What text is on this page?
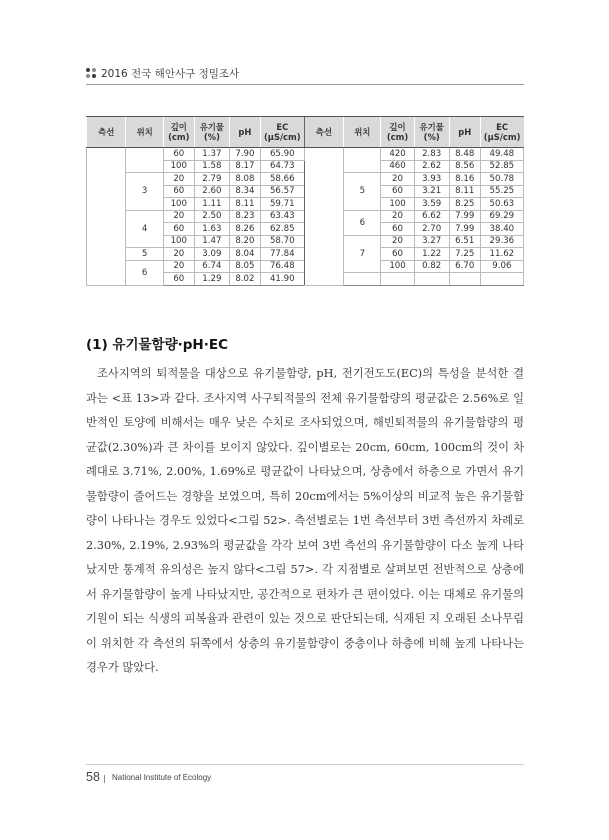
2016 전국 해안사구 정밀조사
측선	위치	깊이 (cm)	유기물 (%)	pH	EC (μS/cm)	측선	위치	깊이 (cm)	유기물 (%)	pH	EC (μS/cm)
		60	1.37	7.90	65.90			420	2.83	8.48	49.48
		100	1.58	8.17	64.73			460	2.62	8.56	52.85
	3	20	2.79	8.08	58.66		5	20	3.93	8.16	50.78
		60	2.60	8.34	56.57			60	3.21	8.11	55.25
		100	1.11	8.11	59.71			100	3.59	8.25	50.63
	4	20	2.50	8.23	63.43		6	20	6.62	7.99	69.29
		60	1.63	8.26	62.85			60	2.70	7.99	38.40
		100	1.47	8.20	58.70		7	20	3.27	6.51	29.36
	5	20	3.09	8.04	77.84			60	1.22	7.25	11.62
	6	20	6.74	8.05	76.48			100	0.82	6.70	9.06
		60	1.29	8.02	41.90						
(1) 유기물함량·pH·EC

조사지역의 퇴적물을 대상으로 유기물함량, pH, 전기전도도(EC)의 특성을 분석한 결과는 <표 13>과 같다. 조사지역 사구퇴적물의 전체 유기물함량의 평균값은 2.56%로 일반적인 토양에 비해서는 매우 낮은 수치로 조사되었으며, 해빈퇴적물의 유기물함량의 평균값(2.30%)과 큰 차이를 보이지 않았다. 깊이별로는 20cm, 60cm, 100cm의 것이 차례대로 3.71%, 2.00%, 1.69%로 평균값이 나타났으며, 상층에서 하층으로 가면서 유기물함량이 줄어드는 경향을 보였으며, 특히 20cm에서는 5%이상의 비교적 높은 유기물함량이 나타나는 경우도 있었다<그림 52>. 측선별로는 1번 측선부터 3번 측선까지 차례로 2.30%, 2.19%, 2.93%의 평균값을 각각 보여 3번 측선의 유기물함량이 다소 높게 나타났지만 통계적 유의성은 높지 않다<그림 57>. 각 지점별로 살펴보면 전반적으로 상층에서 유기물함량이 높게 나타났지만, 공간적으로 편차가 큰 편이었다. 이는 대체로 유기물의 기원이 되는 식생의 피복율과 관련이 있는 것으로 판단되는데, 식재된 지 오래된 소나무림이 위치한 각 측선의 뒤쪽에서 상층의 유기물함량이 중층이나 하층에 비해 높게 나타나는 경우가 많았다.

58 National Institute of Ecology
